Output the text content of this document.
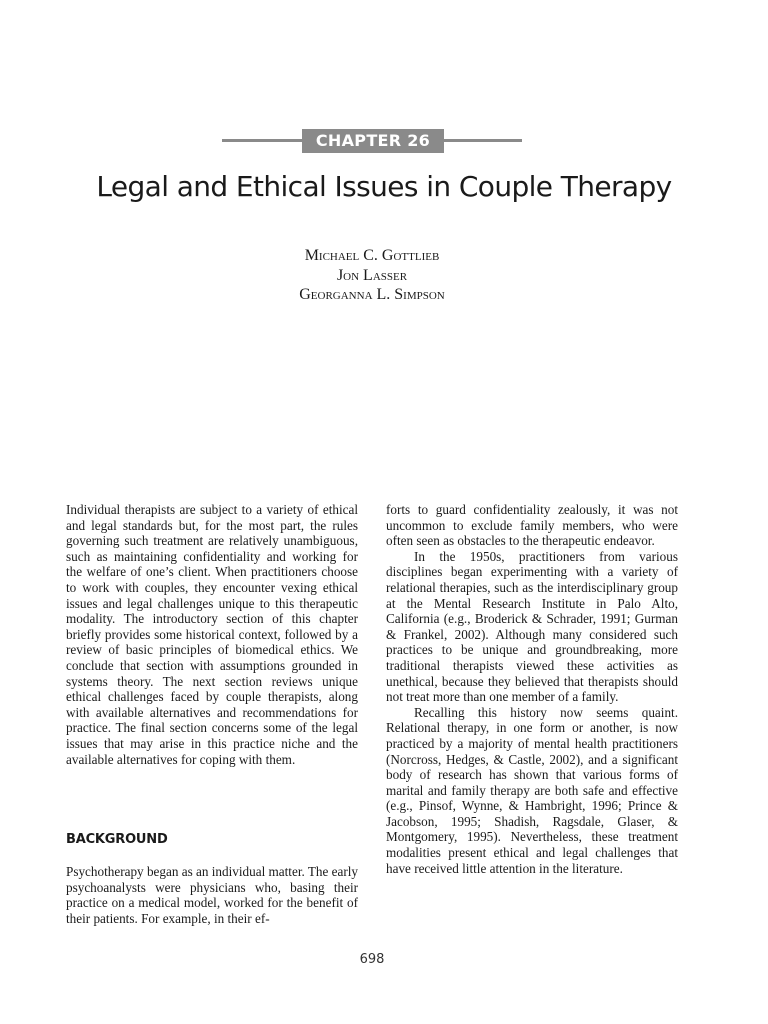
CHAPTER 26
Legal and Ethical Issues in Couple Therapy
Michael C. Gottlieb
Jon Lasser
Georganna L. Simpson

Individual therapists are subject to a variety of ethical and legal standards but, for the most part, the rules governing such treatment are relatively unambiguous, such as maintaining confidentiality and working for the welfare of one’s client. When practitioners choose to work with couples, they encounter vexing ethical issues and legal challenges unique to this therapeutic modality. The introductory section of this chapter briefly provides some historical context, followed by a review of basic principles of biomedical ethics. We conclude that section with assumptions grounded in systems theory. The next section reviews unique ethical challenges faced by couple therapists, along with available alternatives and recommendations for practice. The final section concerns some of the legal issues that may arise in this practice niche and the available alternatives for coping with them.

BACKGROUND

Psychotherapy began as an individual matter. The early psychoanalysts were physicians who, basing their practice on a medical model, worked for the benefit of their patients. For example, in their ef-

forts to guard confidentiality zealously, it was not uncommon to exclude family members, who were often seen as obstacles to the therapeutic endeavor.

In the 1950s, practitioners from various disciplines began experimenting with a variety of relational therapies, such as the interdisciplinary group at the Mental Research Institute in Palo Alto, California (e.g., Broderick & Schrader, 1991; Gurman & Frankel, 2002). Although many considered such practices to be unique and groundbreaking, more traditional therapists viewed these activities as unethical, because they believed that therapists should not treat more than one member of a family.

Recalling this history now seems quaint. Relational therapy, in one form or another, is now practiced by a majority of mental health practitioners (Norcross, Hedges, & Castle, 2002), and a significant body of research has shown that various forms of marital and family therapy are both safe and effective (e.g., Pinsof, Wynne, & Hambright, 1996; Prince & Jacobson, 1995; Shadish, Ragsdale, Glaser, & Montgomery, 1995). Nevertheless, these treatment modalities present ethical and legal challenges that have received little attention in the literature.

698
